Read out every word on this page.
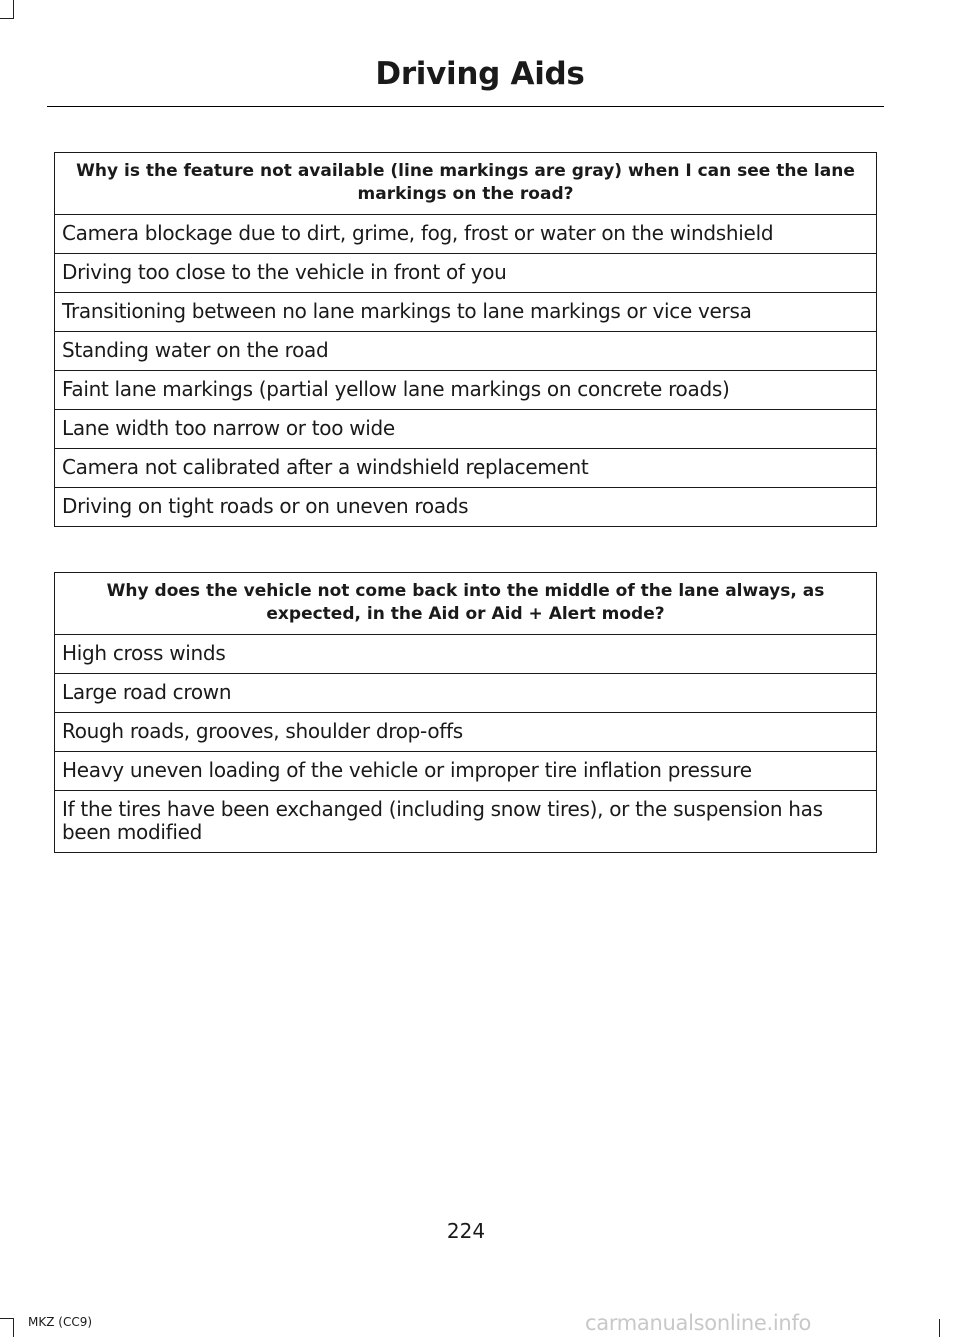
Driving Aids
Why is the feature not available (line markings are gray) when I can see the lane markings on the road?
Camera blockage due to dirt, grime, fog, frost or water on the windshield
Driving too close to the vehicle in front of you
Transitioning between no lane markings to lane markings or vice versa
Standing water on the road
Faint lane markings (partial yellow lane markings on concrete roads)
Lane width too narrow or too wide
Camera not calibrated after a windshield replacement
Driving on tight roads or on uneven roads
Why does the vehicle not come back into the middle of the lane always, as expected, in the Aid or Aid + Alert mode?
High cross winds
Large road crown
Rough roads, grooves, shoulder drop-offs
Heavy uneven loading of the vehicle or improper tire inflation pressure
If the tires have been exchanged (including snow tires), or the suspension has been modified
224
MKZ (CC9)	carmanualsonline.info
